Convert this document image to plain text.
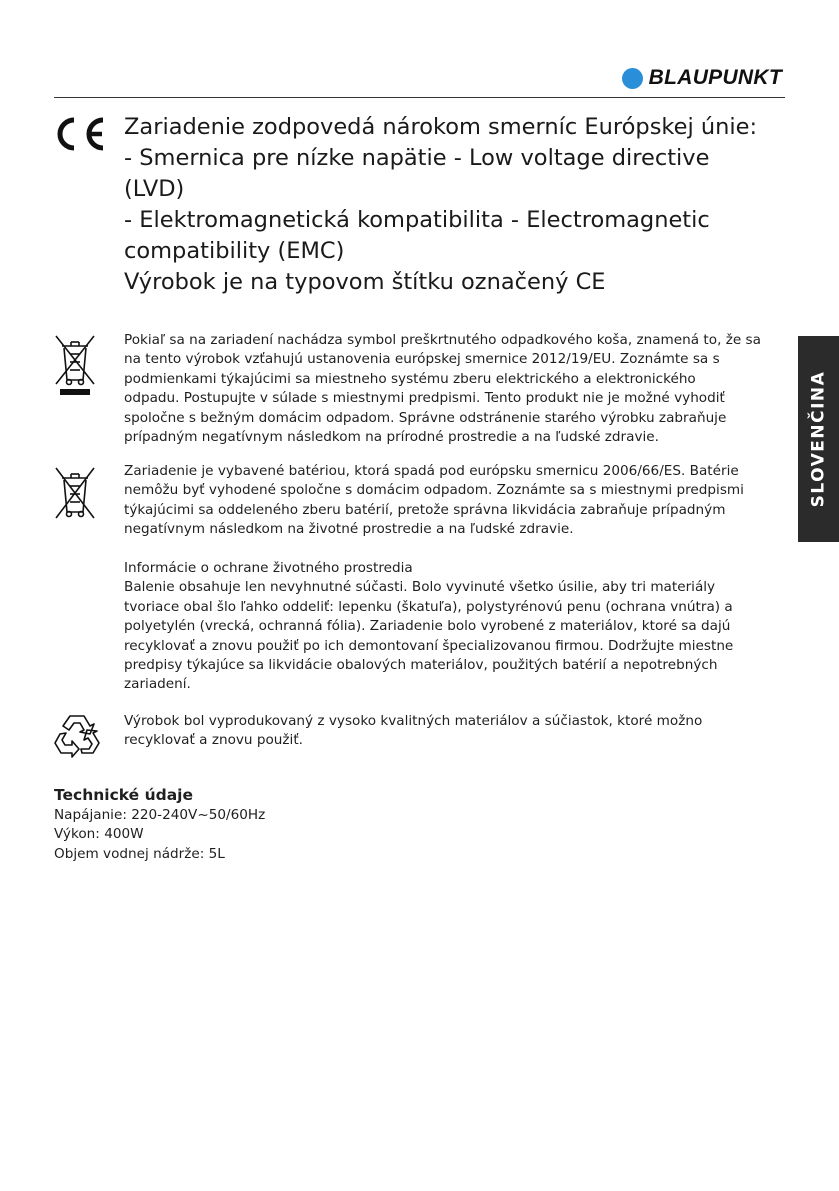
BLAUPUNKT
SLOVENČINA
Zariadenie zodpovedá nárokom smerníc Európskej únie:
- Smernica pre nízke napätie - Low voltage directive
(LVD)
- Elektromagnetická kompatibilita - Electromagnetic
compatibility (EMC)
Výrobok je na typovom štítku označený CE
Pokiaľ sa na zariadení nachádza symbol preškrtnutého odpadkového koša, znamená to, že sa
na tento výrobok vzťahujú ustanovenia európskej smernice 2012/19/EU. Zoznámte sa s
podmienkami týkajúcimi sa miestneho systému zberu elektrického a elektronického
odpadu. Postupujte v súlade s miestnymi predpismi. Tento produkt nie je možné vyhodiť
spoločne s bežným domácim odpadom. Správne odstránenie starého výrobku zabraňuje
prípadným negatívnym následkom na prírodné prostredie a na ľudské zdravie.
Zariadenie je vybavené batériou, ktorá spadá pod európsku smernicu 2006/66/ES. Batérie
nemôžu byť vyhodené spoločne s domácim odpadom. Zoznámte sa s miestnymi predpismi
týkajúcimi sa oddeleného zberu batérií, pretože správna likvidácia zabraňuje prípadným
negatívnym následkom na životné prostredie a na ľudské zdravie.
Informácie o ochrane životného prostredia
Balenie obsahuje len nevyhnutné súčasti. Bolo vyvinuté všetko úsilie, aby tri materiály
tvoriace obal šlo ľahko oddeliť: lepenku (škatuľa), polystyrénovú penu (ochrana vnútra) a
polyetylén (vrecká, ochranná fólia). Zariadenie bolo vyrobené z materiálov, ktoré sa dajú
recyklovať a znovu použiť po ich demontovaní špecializovanou firmou. Dodržujte miestne
predpisy týkajúce sa likvidácie obalových materiálov, použitých batérií a nepotrebných
zariadení.
Výrobok bol vyprodukovaný z vysoko kvalitných materiálov a súčiastok, ktoré možno
recyklovať a znovu použiť.
Technické údaje
Napájanie: 220-240V~50/60Hz
Výkon: 400W
Objem vodnej nádrže: 5L
